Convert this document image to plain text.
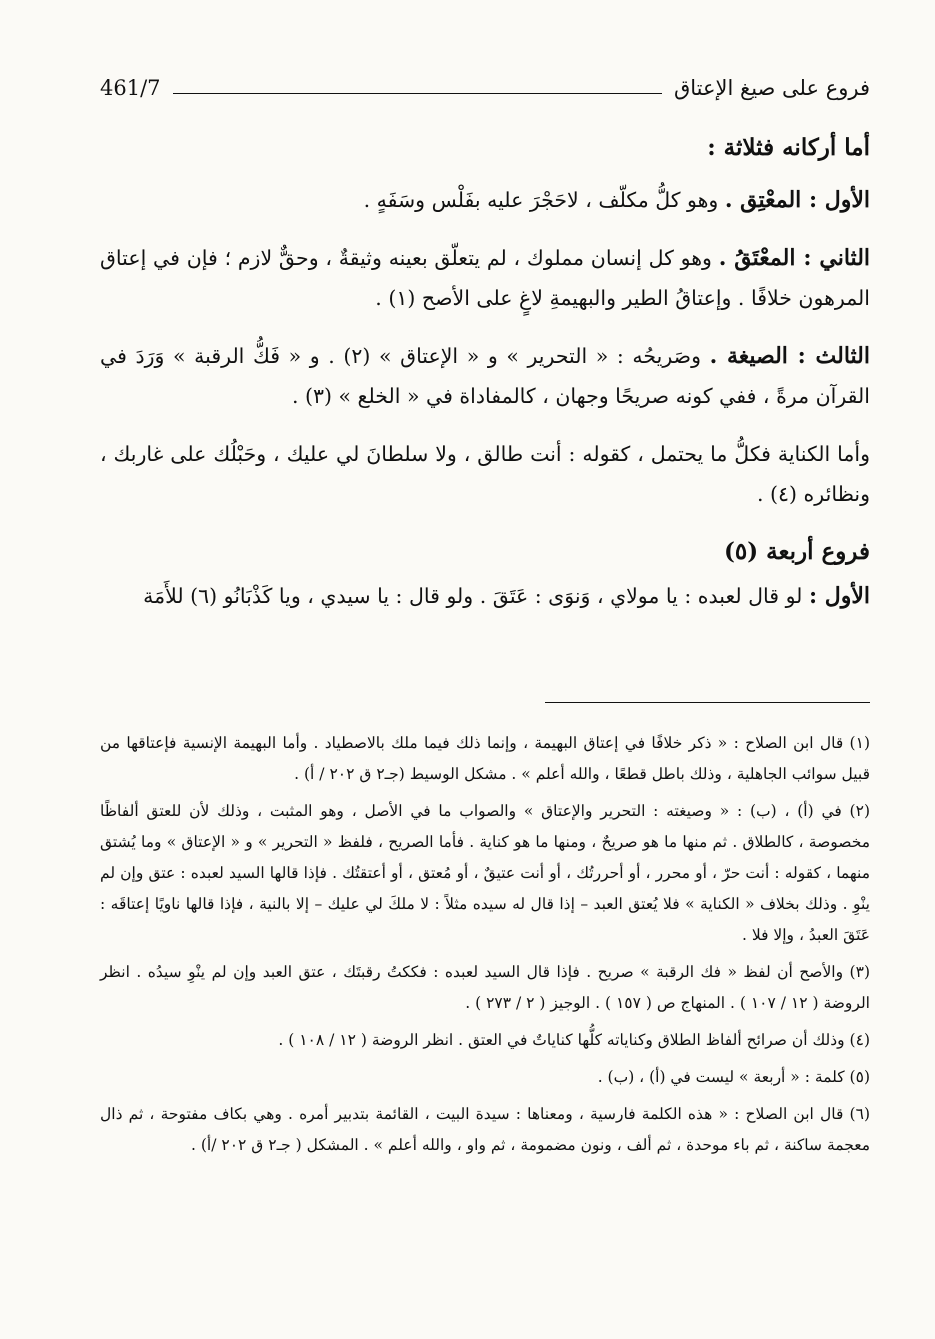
فروع على صيغ الإعتاق
461/7
أما أركانه فثلاثة :

الأول : المعْتِق . وهو كلُّ مكلّف ، لاحَجْرَ عليه بفَلْس وسَفَهٍ .

الثاني : المعْتَقُ . وهو كل إنسان مملوك ، لم يتعلّق بعينه وثيقةٌ ، وحقٌّ لازم ؛ فإن في إعتاق المرهون خلافًا . وإعتاقُ الطير والبهيمةِ لاغٍ على الأصح (١) .

الثالث : الصيغة . وصَريحُه : « التحرير » و « الإعتاق » (٢) . و « فَكُّ الرقبة » وَرَدَ في القرآن مرةً ، ففي كونه صريحًا وجهان ، كالمفاداة في « الخلع » (٣) .

وأما الكناية فكلُّ ما يحتمل ، كقوله : أنت طالق ، ولا سلطانَ لي عليك ، وحَبْلُك على غاربك ، ونظائره (٤) .

فروع أربعة (٥)

الأول : لو قال لعبده : يا مولاي ، وَنوَى : عَتَقَ . ولو قال : يا سيدي ، ويا كَذْبَانُو (٦) للأَمَة

(١) قال ابن الصلاح : « ذكر خلافًا في إعتاق البهيمة ، وإنما ذلك فيما ملك بالاصطياد . وأما البهيمة الإنسية فإعتاقها من قبيل سوائب الجاهلية ، وذلك باطل قطعًا ، والله أعلم » . مشكل الوسيط (جـ٢ ق ٢٠٢ / أ) .

(٢) في (أ) ، (ب) : « وصيغته : التحرير والإعتاق » والصواب ما في الأصل ، وهو المثبت ، وذلك لأن للعتق ألفاظًا مخصوصة ، كالطلاق . ثم منها ما هو صريحٌ ، ومنها ما هو كناية . فأما الصريح ، فلفظ « التحرير » و « الإعتاق » وما يُشتق منهما ، كقوله : أنت حرّ ، أو محرر ، أو أحررتُك ، أو أنت عتيقٌ ، أو مُعتق ، أو أعتقتُك . فإذا قالها السيد لعبده : عتق وإن لم ينْوِ . وذلك بخلاف « الكناية » فلا يُعتق العبد – إذا قال له سيده مثلاً : لا ملكَ لي عليك – إلا بالنية ، فإذا قالها ناويًا إعتاقَه : عَتَقَ العبدُ ، وإلا فلا .

(٣) والأصح أن لفظ « فك الرقبة » صريح . فإذا قال السيد لعبده : فككتُ رقبتَك ، عتق العبد وإن لم ينْوِ سيدُه . انظر الروضة ( ١٢ / ١٠٧ ) . المنهاج ص ( ١٥٧ ) . الوجيز ( ٢ / ٢٧٣ ) .

(٤) وذلك أن صرائح ألفاظ الطلاق وكناياته كلُّها كناياتٌ في العتق . انظر الروضة ( ١٢ / ١٠٨ ) .

(٥) كلمة : « أربعة » ليست في (أ) ، (ب) .

(٦) قال ابن الصلاح : « هذه الكلمة فارسية ، ومعناها : سيدة البيت ، القائمة بتدبير أمره . وهي بكاف مفتوحة ، ثم ذال معجمة ساكنة ، ثم باء موحدة ، ثم ألف ، ونون مضمومة ، ثم واو ، والله أعلم » . المشكل ( جـ٢ ق ٢٠٢ /أ) .
